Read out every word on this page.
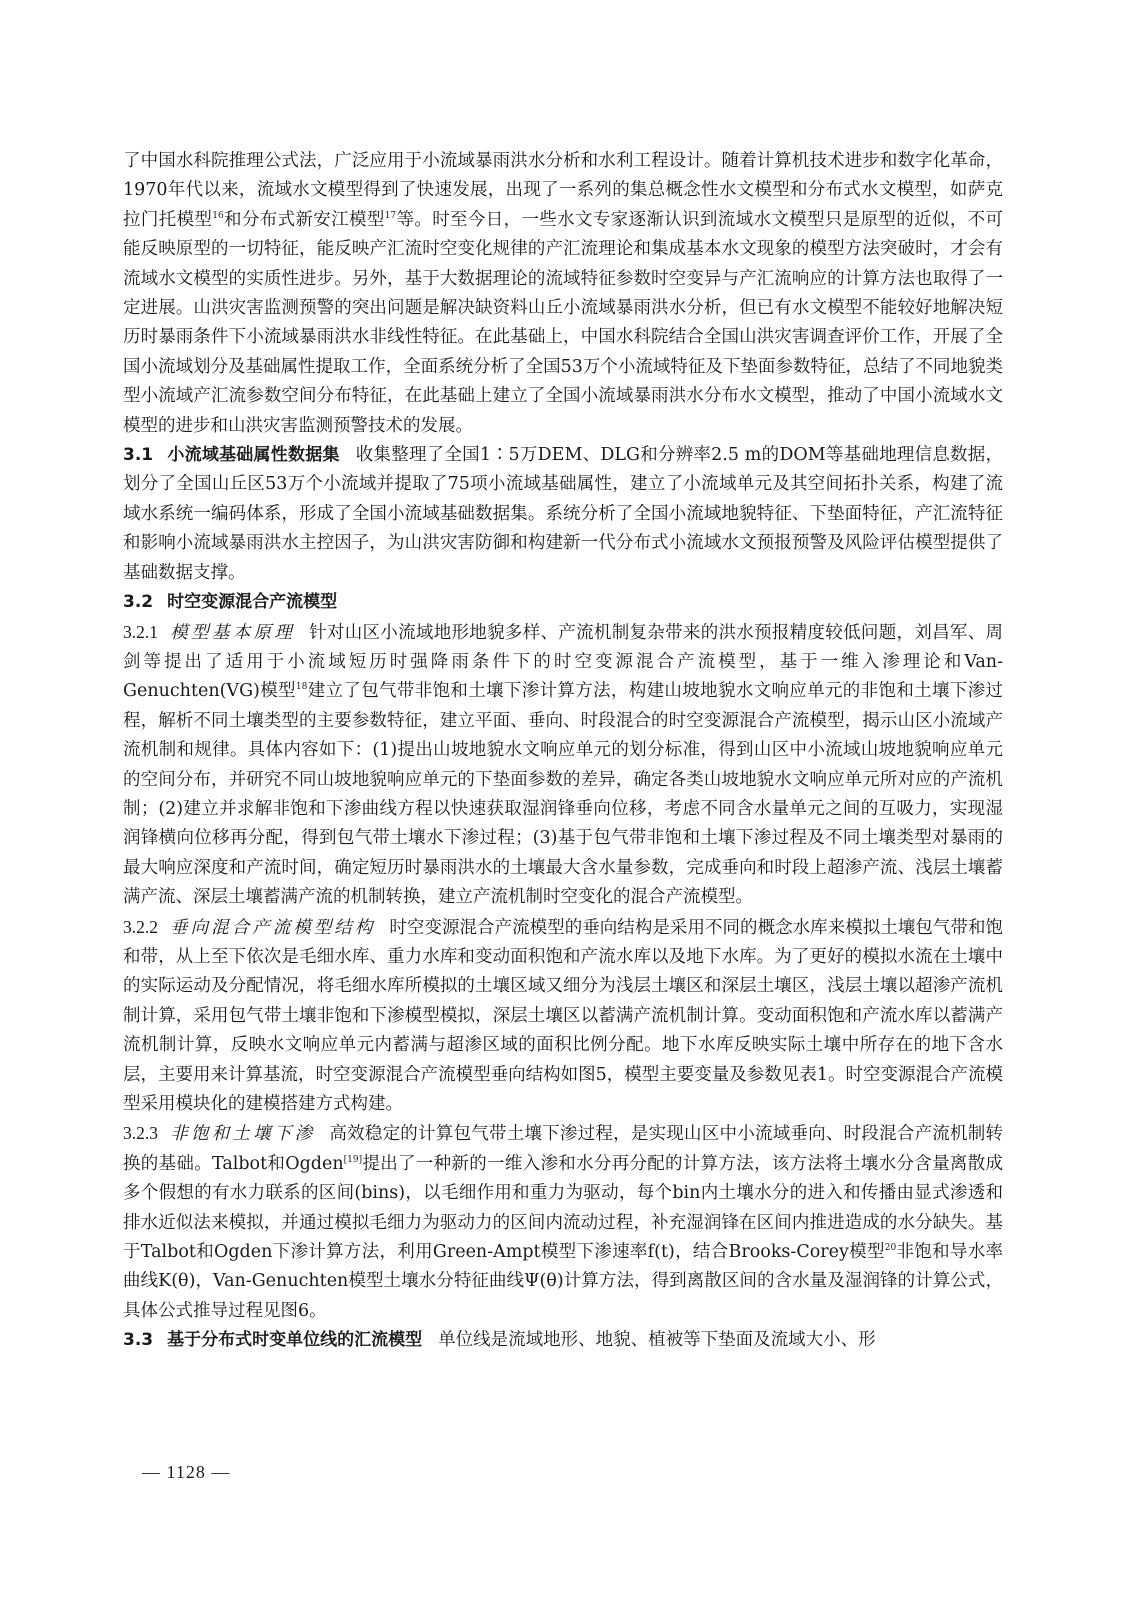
了中国水科院推理公式法，广泛应用于小流域暴雨洪水分析和水利工程设计。随着计算机技术进步和数字化革命，1970年代以来，流域水文模型得到了快速发展，出现了一系列的集总概念性水文模型和分布式水文模型，如萨克拉门托模型$^{16}$和分布式新安江模型$^{17}$等。时至今日，一些水文专家逐渐认识到流域水文模型只是原型的近似，不可能反映原型的一切特征，能反映产汇流时空变化规律的产汇流理论和集成基本水文现象的模型方法突破时，才会有流域水文模型的实质性进步。另外，基于大数据理论的流域特征参数时空变异与产汇流响应的计算方法也取得了一定进展。山洪灾害监测预警的突出问题是解决缺资料山丘小流域暴雨洪水分析，但已有水文模型不能较好地解决短历时暴雨条件下小流域暴雨洪水非线性特征。在此基础上，中国水科院结合全国山洪灾害调查评价工作，开展了全国小流域划分及基础属性提取工作，全面系统分析了全国53万个小流域特征及下垫面参数特征，总结了不同地貌类型小流域产汇流参数空间分布特征，在此基础上建立了全国小流域暴雨洪水分布水文模型，推动了中国小流域水文模型的进步和山洪灾害监测预警技术的发展。

3.1 小流域基础属性数据集 收集整理了全国1∶5万DEM、DLG和分辨率2.5 m的DOM等基础地理信息数据，划分了全国山丘区53万个小流域并提取了75项小流域基础属性，建立了小流域单元及其空间拓扑关系，构建了流域水系统一编码体系，形成了全国小流域基础数据集。系统分析了全国小流域地貌特征、下垫面特征，产汇流特征和影响小流域暴雨洪水主控因子，为山洪灾害防御和构建新一代分布式小流域水文预报预警及风险评估模型提供了基础数据支撑。

3.2 时空变源混合产流模型

3.2.1 模型基本原理 针对山区小流域地形地貌多样、产流机制复杂带来的洪水预报精度较低问题，刘昌军、周剑等提出了适用于小流域短历时强降雨条件下的时空变源混合产流模型，基于一维入渗理论和Van-Genuchten(VG)模型$^{18}$建立了包气带非饱和土壤下渗计算方法，构建山坡地貌水文响应单元的非饱和土壤下渗过程，解析不同土壤类型的主要参数特征，建立平面、垂向、时段混合的时空变源混合产流模型，揭示山区小流域产流机制和规律。具体内容如下：(1)提出山坡地貌水文响应单元的划分标准，得到山区中小流域山坡地貌响应单元的空间分布，并研究不同山坡地貌响应单元的下垫面参数的差异，确定各类山坡地貌水文响应单元所对应的产流机制；(2)建立并求解非饱和下渗曲线方程以快速获取湿润锋垂向位移，考虑不同含水量单元之间的互吸力，实现湿润锋横向位移再分配，得到包气带土壤水下渗过程；(3)基于包气带非饱和土壤下渗过程及不同土壤类型对暴雨的最大响应深度和产流时间，确定短历时暴雨洪水的土壤最大含水量参数，完成垂向和时段上超渗产流、浅层土壤蓄满产流、深层土壤蓄满产流的机制转换，建立产流机制时空变化的混合产流模型。

3.2.2 垂向混合产流模型结构 时空变源混合产流模型的垂向结构是采用不同的概念水库来模拟土壤包气带和饱和带，从上至下依次是毛细水库、重力水库和变动面积饱和产流水库以及地下水库。为了更好的模拟水流在土壤中的实际运动及分配情况，将毛细水库所模拟的土壤区域又细分为浅层土壤区和深层土壤区，浅层土壤以超渗产流机制计算，采用包气带土壤非饱和下渗模型模拟，深层土壤区以蓄满产流机制计算。变动面积饱和产流水库以蓄满产流机制计算，反映水文响应单元内蓄满与超渗区域的面积比例分配。地下水库反映实际土壤中所存在的地下含水层，主要用来计算基流，时空变源混合产流模型垂向结构如图5，模型主要变量及参数见表1。时空变源混合产流模型采用模块化的建模搭建方式构建。

3.2.3 非饱和土壤下渗 高效稳定的计算包气带土壤下渗过程，是实现山区中小流域垂向、时段混合产流机制转换的基础。Talbot和Ogden[19]提出了一种新的一维入渗和水分再分配的计算方法，该方法将土壤水分含量离散成多个假想的有水力联系的区间(bins)，以毛细作用和重力为驱动，每个bin内土壤水分的进入和传播由显式渗透和排水近似法来模拟，并通过模拟毛细力为驱动力的区间内流动过程，补充湿润锋在区间内推进造成的水分缺失。基于Talbot和Ogden下渗计算方法，利用Green-Ampt模型下渗速率f(t)，结合Brooks-Corey模型$^{20}$非饱和导水率曲线K(θ)，Van-Genuchten模型土壤水分特征曲线Ψ(θ)计算方法，得到离散区间的含水量及湿润锋的计算公式，具体公式推导过程见图6。

3.3 基于分布式时变单位线的汇流模型 单位线是流域地形、地貌、植被等下垫面及流域大小、形

— 1128 —
